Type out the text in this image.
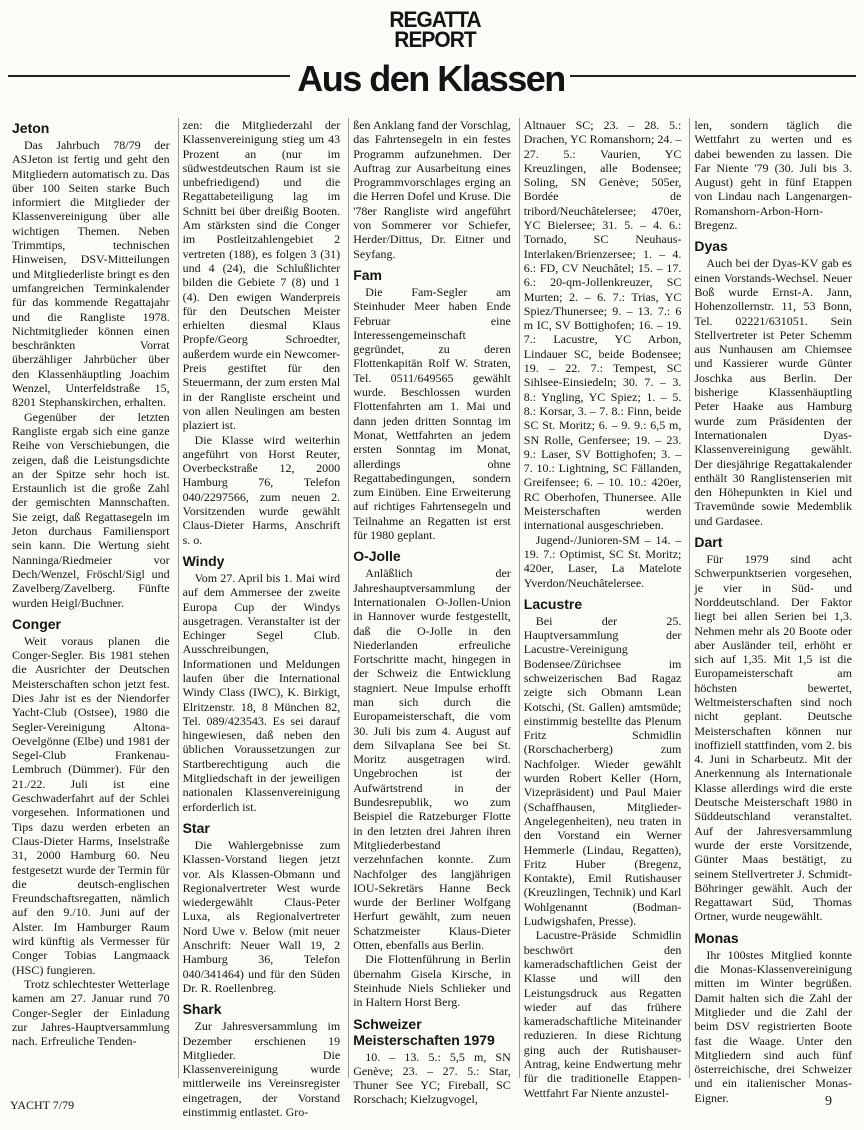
REGATTA
REPORT
Aus den Klassen
Jeton

Das Jahrbuch 78/79 der ASJeton ist fertig und geht den Mitgliedern automatisch zu. Das über 100 Seiten starke Buch informiert die Mitglieder der Klassenvereinigung über alle wichtigen Themen. Neben Trimmtips, technischen Hinweisen, DSV-Mitteilungen und Mitgliederliste bringt es den umfangreichen Terminkalender für das kommende Regattajahr und die Rangliste 1978. Nichtmitglieder können einen beschränkten Vorrat überzähliger Jahrbücher über den Klassenhäuptling Joachim Wenzel, Unterfeldstraße 15, 8201 Stephanskirchen, erhalten.

Gegenüber der letzten Rangliste ergab sich eine ganze Reihe von Verschiebungen, die zeigen, daß die Leistungsdichte an der Spitze sehr hoch ist. Erstaunlich ist die große Zahl der gemischten Mannschaften. Sie zeigt, daß Regattasegeln im Jeton durchaus Familiensport sein kann. Die Wertung sieht Nanninga/Riedmeier vor Dech/Wenzel, Fröschl/Sigl und Zavelberg/Zavelberg. Fünfte wurden Heigl/Buchner.

Conger

Weit voraus planen die Conger-Segler. Bis 1981 stehen die Ausrichter der Deutschen Meisterschaften schon jetzt fest. Dies Jahr ist es der Niendorfer Yacht-Club (Ostsee), 1980 die Segler-Vereinigung Altona-Oevelgönne (Elbe) und 1981 der Segel-Club Frankenau-Lembruch (Dümmer). Für den 21./22. Juli ist eine Geschwaderfahrt auf der Schlei vorgesehen. Informationen und Tips dazu werden erbeten an Claus-Dieter Harms, Inselstraße 31, 2000 Hamburg 60. Neu festgesetzt wurde der Termin für die deutsch-englischen Freundschaftsregatten, nämlich auf den 9./10. Juni auf der Alster. Im Hamburger Raum wird künftig als Vermesser für Conger Tobias Langmaack (HSC) fungieren.

Trotz schlechtester Wetterlage kamen am 27. Januar rund 70 Conger-Segler der Einladung zur Jahres-Hauptversammlung nach. Erfreuliche Tenden-

zen: die Mitgliederzahl der Klassenvereinigung stieg um 43 Prozent an (nur im südwestdeutschen Raum ist sie unbefriedigend) und die Regattabeteiligung lag im Schnitt bei über dreißig Booten. Am stärksten sind die Conger im Postleitzahlengebiet 2 vertreten (188), es folgen 3 (31) und 4 (24), die Schlußlichter bilden die Gebiete 7 (8) und 1 (4). Den ewigen Wanderpreis für den Deutschen Meister erhielten diesmal Klaus Propfe/Georg Schroedter, außerdem wurde ein Newcomer-Preis gestiftet für den Steuermann, der zum ersten Mal in der Rangliste erscheint und von allen Neulingen am besten plaziert ist.

Die Klasse wird weiterhin angeführt von Horst Reuter, Overbeckstraße 12, 2000 Hamburg 76, Telefon 040/2297566, zum neuen 2. Vorsitzenden wurde gewählt Claus-Dieter Harms, Anschrift s. o.

Windy

Vom 27. April bis 1. Mai wird auf dem Ammersee der zweite Europa Cup der Windys ausgetragen. Veranstalter ist der Echinger Segel Club. Ausschreibungen, Informationen und Meldungen laufen über die International Windy Class (IWC), K. Birkigt, Elritzenstr. 18, 8 München 82, Tel. 089/423543. Es sei darauf hingewiesen, daß neben den üblichen Voraussetzungen zur Startberechtigung auch die Mitgliedschaft in der jeweiligen nationalen Klassenvereinigung erforderlich ist.

Star

Die Wahlergebnisse zum Klassen-Vorstand liegen jetzt vor. Als Klassen-Obmann und Regionalvertreter West wurde wiedergewählt Claus-Peter Luxa, als Regionalvertreter Nord Uwe v. Below (mit neuer Anschrift: Neuer Wall 19, 2 Hamburg 36, Telefon 040/341464) und für den Süden Dr. R. Roellenbreg.

Shark

Zur Jahresversammlung im Dezember erschienen 19 Mitglieder. Die Klassenvereinigung wurde mittlerweile ins Vereinsregister eingetragen, der Vorstand einstimmig entlastet. Gro-

ßen Anklang fand der Vorschlag, das Fahrtensegeln in ein festes Programm aufzunehmen. Der Auftrag zur Ausarbeitung eines Programmvorschlages erging an die Herren Dofel und Kruse. Die '78er Rangliste wird angeführt von Sommerer vor Schiefer, Herder/Dittus, Dr. Eitner und Seyfang.

Fam

Die Fam-Segler am Steinhuder Meer haben Ende Februar eine Interessengemeinschaft gegründet, zu deren Flottenkapitän Rolf W. Straten, Tel. 0511/649565 gewählt wurde. Beschlossen wurden Flottenfahrten am 1. Mai und dann jeden dritten Sonntag im Monat, Wettfahrten an jedem ersten Sonntag im Monat, allerdings ohne Regattabedingungen, sondern zum Einüben. Eine Erweiterung auf richtiges Fahrtensegeln und Teilnahme an Regatten ist erst für 1980 geplant.

O-Jolle

Anläßlich der Jahreshauptversammlung der Internationalen O-Jollen-Union in Hannover wurde festgestellt, daß die O-Jolle in den Niederlanden erfreuliche Fortschritte macht, hingegen in der Schweiz die Entwicklung stagniert. Neue Impulse erhofft man sich durch die Europameisterschaft, die vom 30. Juli bis zum 4. August auf dem Silvaplana See bei St. Moritz ausgetragen wird. Ungebrochen ist der Aufwärtstrend in der Bundesrepublik, wo zum Beispiel die Ratzeburger Flotte in den letzten drei Jahren ihren Mitgliederbestand verzehnfachen konnte. Zum Nachfolger des langjährigen IOU-Sekretärs Hanne Beck wurde der Berliner Wolfgang Herfurt gewählt, zum neuen Schatzmeister Klaus-Dieter Otten, ebenfalls aus Berlin.

Die Flottenführung in Berlin übernahm Gisela Kirsche, in Steinhude Niels Schlieker und in Haltern Horst Berg.

Schweizer Meisterschaften 1979

10. – 13. 5.: 5,5 m, SN Genève; 23. – 27. 5.: Star, Thuner See YC; Fireball, SC Rorschach; Kielzugvogel,

Altnauer SC; 23. – 28. 5.: Drachen, YC Romanshorn; 24. – 27. 5.: Vaurien, YC Kreuzlingen, alle Bodensee; Soling, SN Genève; 505er, Bordée de tribord/Neuchâtelersee; 470er, YC Bielersee; 31. 5. – 4. 6.: Tornado, SC Neuhaus-Interlaken/Brienzersee; 1. – 4. 6.: FD, CV Neuchâtel; 15. – 17. 6.: 20-qm-Jollenkreuzer, SC Murten; 2. – 6. 7.: Trias, YC Spiez/Thunersee; 9. – 13. 7.: 6 m IC, SV Bottighofen; 16. – 19. 7.: Lacustre, YC Arbon, Lindauer SC, beide Bodensee; 19. – 22. 7.: Tempest, SC Sihlsee-Einsiedeln; 30. 7. – 3. 8.: Yngling, YC Spiez; 1. – 5. 8.: Korsar, 3. – 7. 8.: Finn, beide SC St. Moritz; 6. – 9. 9.: 6,5 m, SN Rolle, Genfersee; 19. – 23. 9.: Laser, SV Bottighofen; 3. – 7. 10.: Lightning, SC Fällanden, Greifensee; 6. – 10. 10.: 420er, RC Oberhofen, Thunersee. Alle Meisterschaften werden international ausgeschrieben.

Jugend-/Junioren-SM – 14. – 19. 7.: Optimist, SC St. Moritz; 420er, Laser, La Matelote Yverdon/Neuchâtelersee.

Lacustre

Bei der 25. Hauptversammlung der Lacustre-Vereinigung Bodensee/Zürichsee im schweizerischen Bad Ragaz zeigte sich Obmann Lean Kotschi, (St. Gallen) amtsmüde; einstimmig bestellte das Plenum Fritz Schmidlin (Rorschacherberg) zum Nachfolger. Wieder gewählt wurden Robert Keller (Horn, Vizepräsident) und Paul Maier (Schaffhausen, Mitglieder-Angelegenheiten), neu traten in den Vorstand ein Werner Hemmerle (Lindau, Regatten), Fritz Huber (Bregenz, Kontakte), Emil Rutishauser (Kreuzlingen, Technik) und Karl Wohlgenannt (Bodman-Ludwigshafen, Presse).

Lacustre-Präside Schmidlin beschwört den kameradschaftlichen Geist der Klasse und will den Leistungsdruck aus Regatten wieder auf das frühere kameradschaftliche Miteinander reduzieren. In diese Richtung ging auch der Rutishauser-Antrag, keine Endwertung mehr für die traditionelle Etappen-Wettfahrt Far Niente anzustel-

len, sondern täglich die Wettfahrt zu werten und es dabei bewenden zu lassen. Die Far Niente '79 (30. Juli bis 3. August) geht in fünf Etappen von Lindau nach Langenargen-Romanshorn-Arbon-Horn-Bregenz.

Dyas

Auch bei der Dyas-KV gab es einen Vorstands-Wechsel. Neuer Boß wurde Ernst-A. Jann, Hohenzollernstr. 11, 53 Bonn, Tel. 02221/631051. Sein Stellvertreter ist Peter Schemm aus Nunhausen am Chiemsee und Kassierer wurde Günter Joschka aus Berlin. Der bisherige Klassenhäuptling Peter Haake aus Hamburg wurde zum Präsidenten der Internationalen Dyas-Klassenvereinigung gewählt. Der diesjährige Regattakalender enthält 30 Ranglistenserien mit den Höhepunkten in Kiel und Travemünde sowie Medemblik und Gardasee.

Dart

Für 1979 sind acht Schwerpunktserien vorgesehen, je vier in Süd- und Norddeutschland. Der Faktor liegt bei allen Serien bei 1,3. Nehmen mehr als 20 Boote oder aber Ausländer teil, erhöht er sich auf 1,35. Mit 1,5 ist die Europameisterschaft am höchsten bewertet, Weltmeisterschaften sind noch nicht geplant. Deutsche Meisterschaften können nur inoffiziell stattfinden, vom 2. bis 4. Juni in Scharbeutz. Mit der Anerkennung als Internationale Klasse allerdings wird die erste Deutsche Meisterschaft 1980 in Süddeutschland veranstaltet. Auf der Jahresversammlung wurde der erste Vorsitzende, Günter Maas bestätigt, zu seinem Stellvertreter J. Schmidt-Böhringer gewählt. Auch der Regattawart Süd, Thomas Ortner, wurde neugewählt.

Monas

Ihr 100stes Mitglied konnte die Monas-Klassenvereinigung mitten im Winter begrüßen. Damit halten sich die Zahl der Mitglieder und die Zahl der beim DSV registrierten Boote fast die Waage. Unter den Mitgliedern sind auch fünf österreichische, drei Schweizer und ein italienischer Monas-Eigner.

YACHT 7/79	9
